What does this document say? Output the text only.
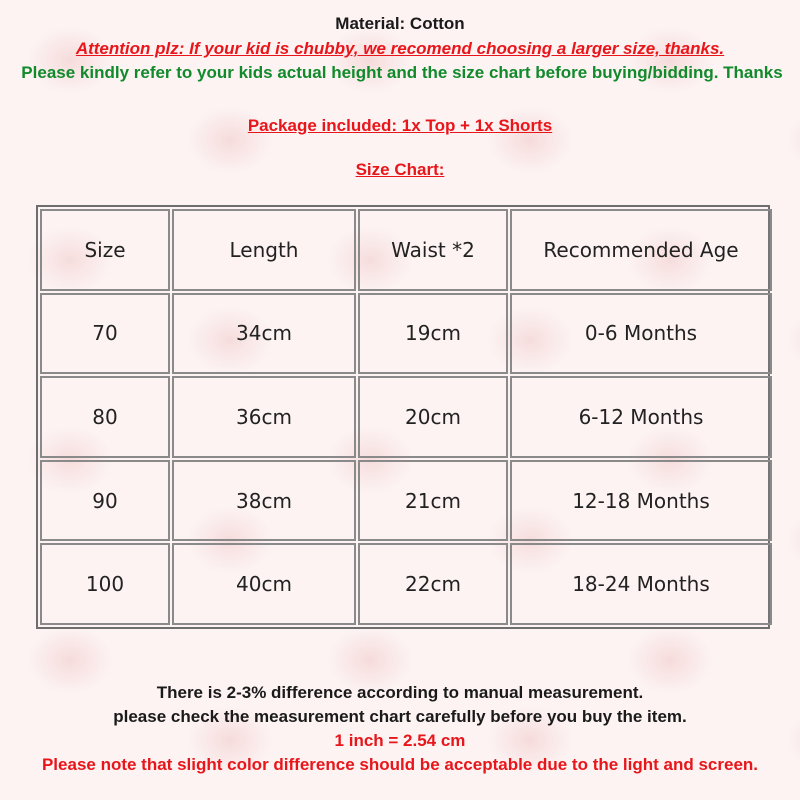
Material: Cotton

Attention plz: If your kid is chubby, we recomend choosing a larger size, thanks.

Please kindly refer to your kids actual height and the size chart before buying/bidding. Thanks

Package included: 1x Top + 1x Shorts

Size Chart:

Size	Length	Waist *2	Recommended Age
70	34cm	19cm	0-6 Months
80	36cm	20cm	6-12 Months
90	38cm	21cm	12-18 Months
100	40cm	22cm	18-24 Months

There is 2-3% difference according to manual measurement.

please check the measurement chart carefully before you buy the item.

1 inch = 2.54 cm

Please note that slight color difference should be acceptable due to the light and screen.
